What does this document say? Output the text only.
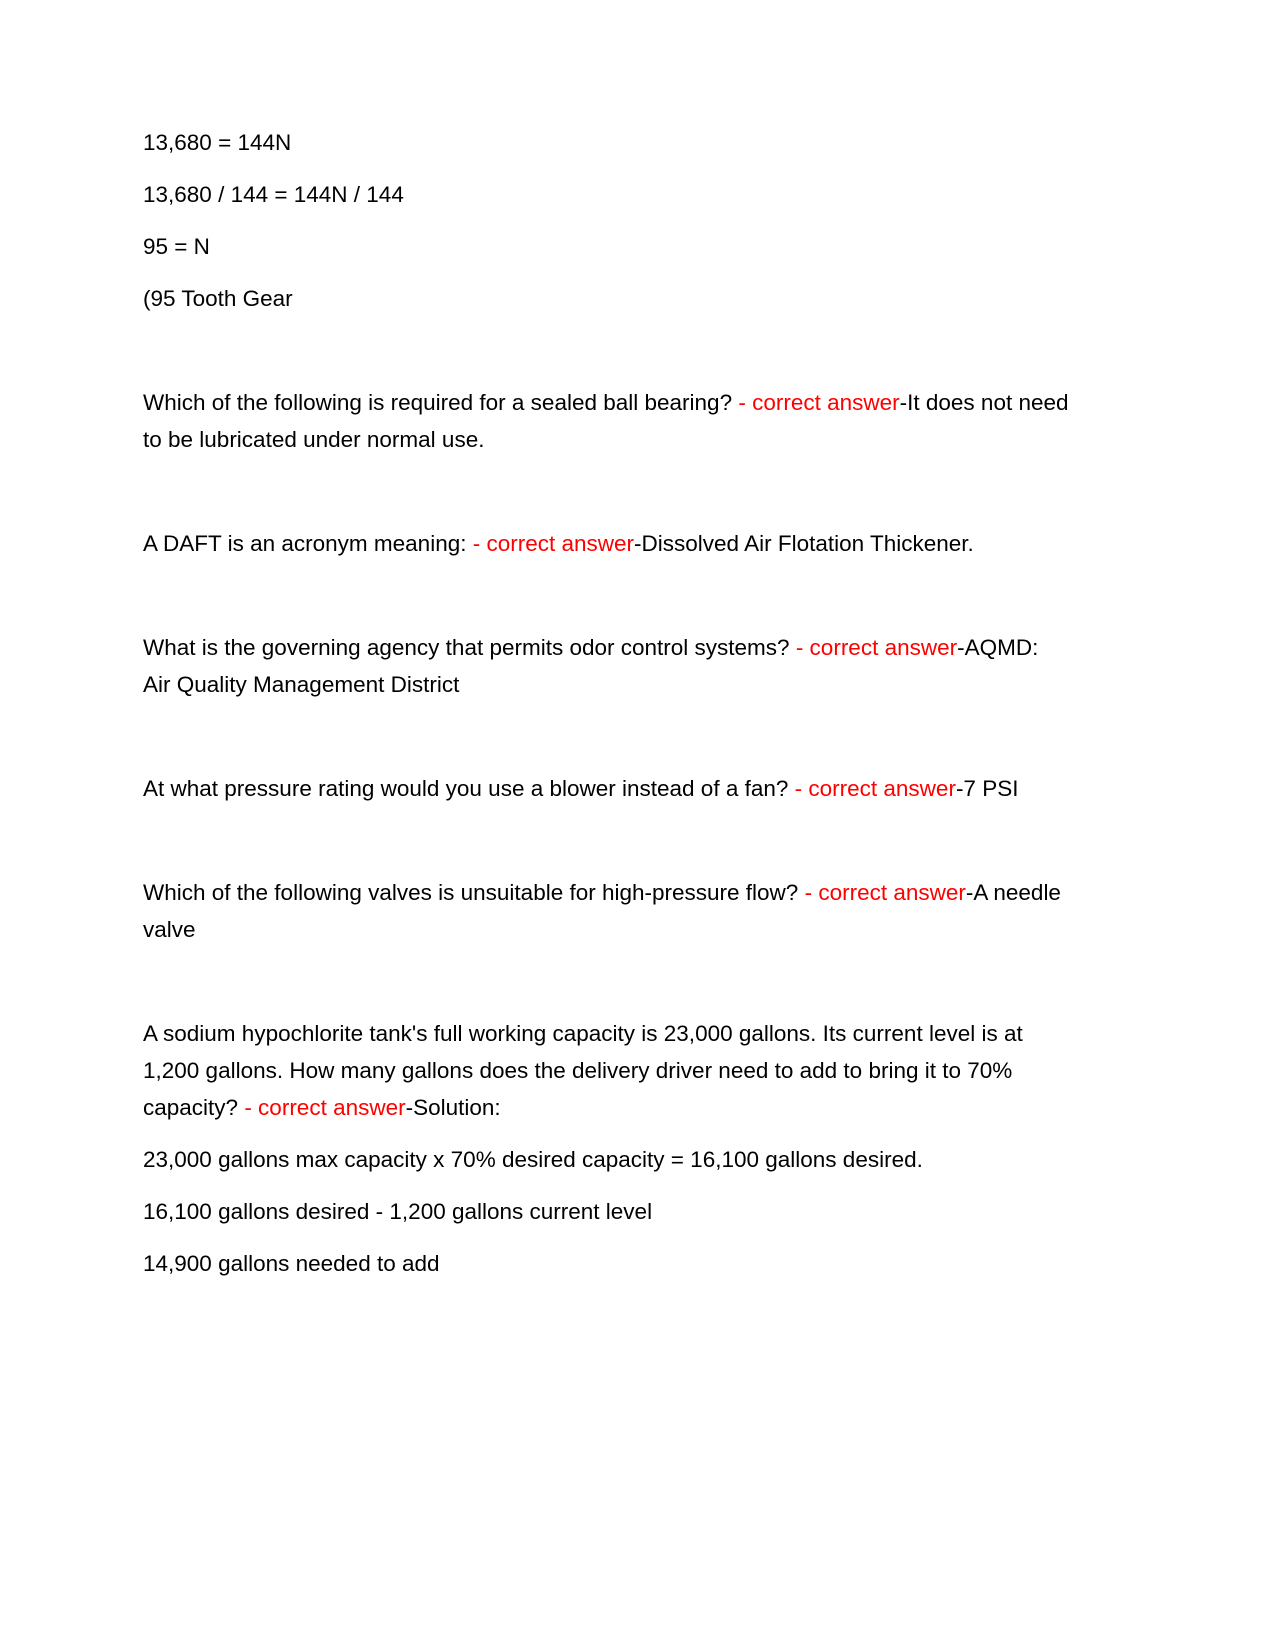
13,680 = 144N

13,680 / 144 = 144N / 144

95 = N

(95 Tooth Gear

Which of the following is required for a sealed ball bearing? - correct answer-It does not need to be lubricated under normal use.

A DAFT is an acronym meaning: - correct answer-Dissolved Air Flotation Thickener.

What is the governing agency that permits odor control systems? - correct answer-AQMD: Air Quality Management District

At what pressure rating would you use a blower instead of a fan? - correct answer-7 PSI

Which of the following valves is unsuitable for high-pressure flow? - correct answer-A needle valve

A sodium hypochlorite tank's full working capacity is 23,000 gallons. Its current level is at 1,200 gallons. How many gallons does the delivery driver need to add to bring it to 70% capacity? - correct answer-Solution:

23,000 gallons max capacity x 70% desired capacity = 16,100 gallons desired.

16,100 gallons desired - 1,200 gallons current level

14,900 gallons needed to add
